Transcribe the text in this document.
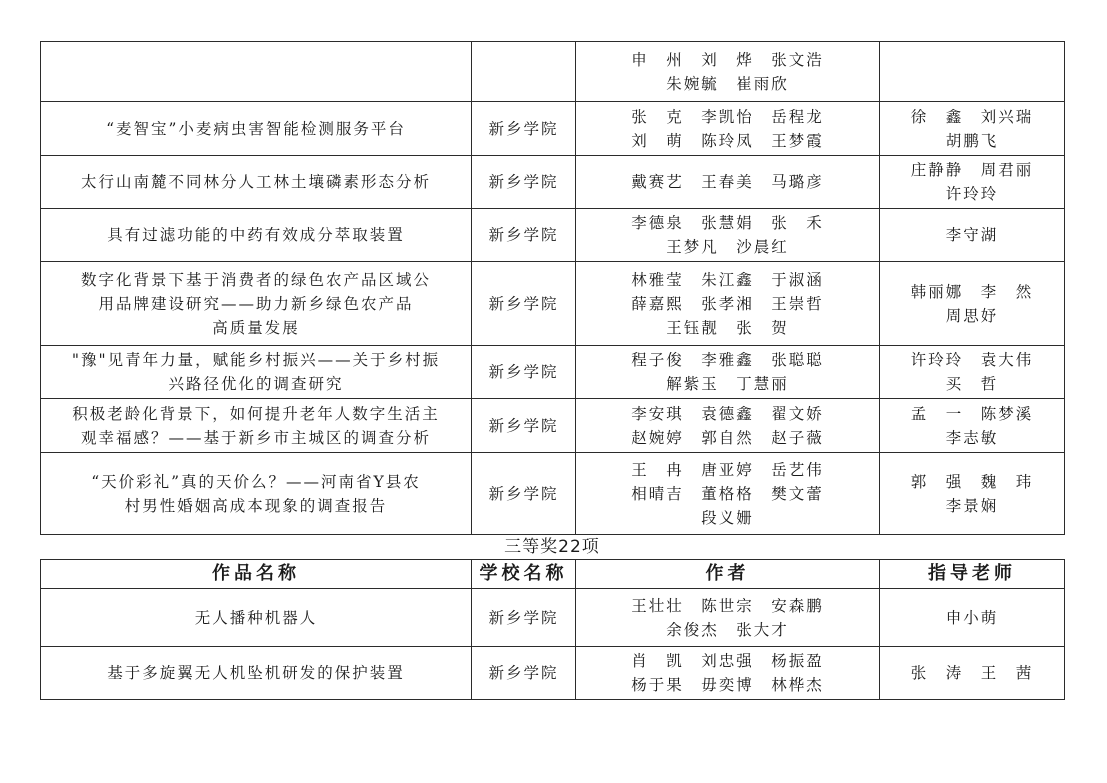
		申　州　刘　烨　张文浩
朱婉毓　崔雨欣	

“麦智宝”小麦病虫害智能检测服务平台	新乡学院	张　克　李凯怡　岳程龙
刘　萌　陈玲凤　王梦霞	徐　鑫　刘兴瑞
胡鹏飞

太行山南麓不同林分人工林土壤磷素形态分析	新乡学院	戴赛艺　王春美　马璐彦	庄静静　周君丽
许玲玲

具有过滤功能的中药有效成分萃取装置	新乡学院	李德泉　张慧娟　张　禾
王梦凡　沙晨红	李守湖

数字化背景下基于消费者的绿色农产品区域公
用品牌建设研究——助力新乡绿色农产品
高质量发展	新乡学院	林雅莹　朱江鑫　于淑涵
薛嘉熙　张孝湘　王崇哲
王钰靓　张　贺	韩丽娜　李　然
周思妤

"豫"见青年力量，赋能乡村振兴——关于乡村振
兴路径优化的调查研究	新乡学院	程子俊　李雅鑫　张聪聪
解紫玉　丁慧丽	许玲玲　袁大伟
买　哲

积极老龄化背景下，如何提升老年人数字生活主
观幸福感？——基于新乡市主城区的调查分析	新乡学院	李安琪　袁德鑫　翟文娇
赵婉婷　郭自然　赵子薇	孟　一　陈梦溪
李志敏

“天价彩礼”真的天价么？——河南省Y县农
村男性婚姻高成本现象的调查报告	新乡学院	王　冉　唐亚婷　岳艺伟
相晴吉　董格格　樊文蕾
段义姗	郭　强　魏　玮
李景娴
三等奖22项
作品名称	学校名称	作者	指导老师

无人播种机器人	新乡学院	王壮壮　陈世宗　安森鹏
余俊杰　张大才	申小萌

基于多旋翼无人机坠机研发的保护装置	新乡学院	肖　凯　刘忠强　杨振盈
杨于果　毋奕博　林桦杰	张　涛　王　茜
